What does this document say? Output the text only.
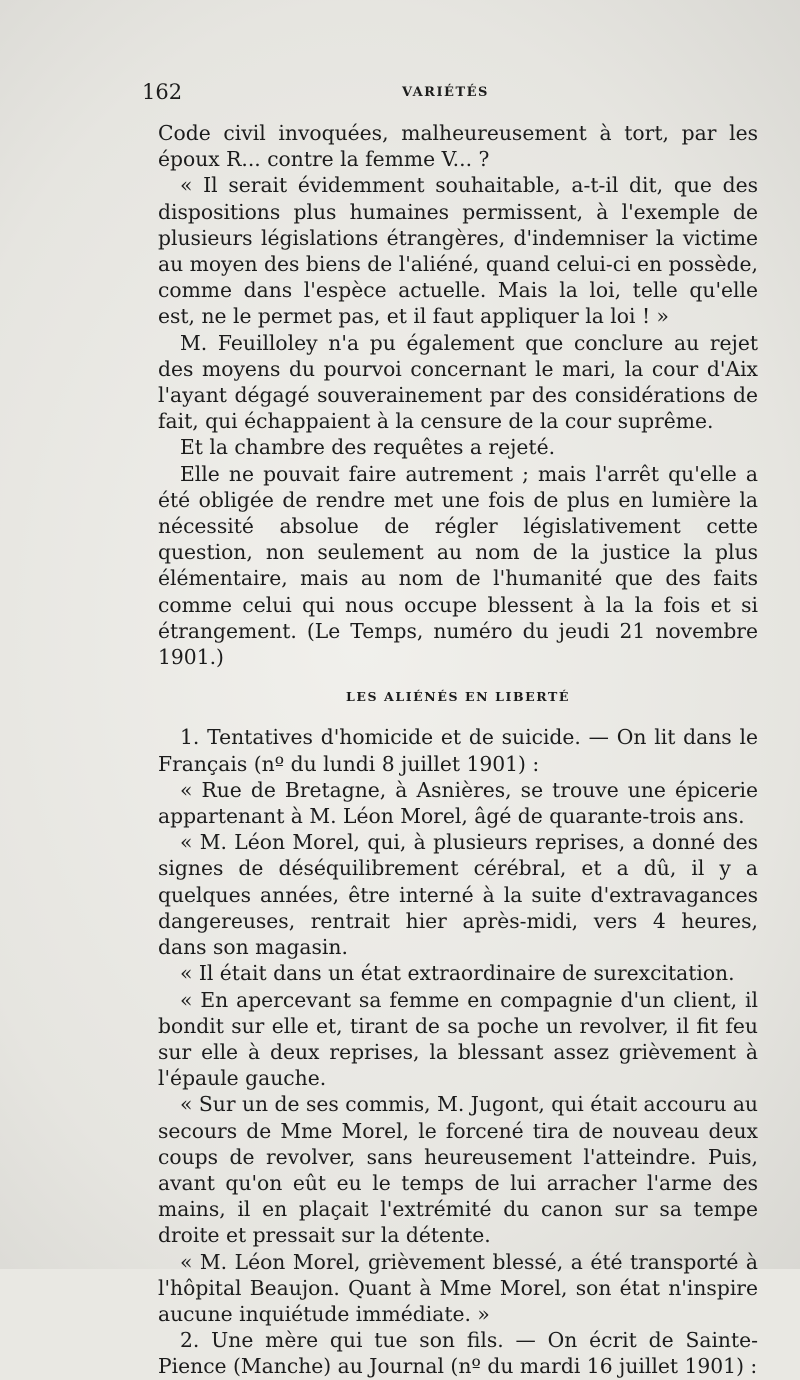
162	VARIÉTÉS

Code civil invoquées, malheureusement à tort, par les époux R... contre la femme V... ?

« Il serait évidemment souhaitable, a-t-il dit, que des dispositions plus humaines permissent, à l'exemple de plusieurs législations étrangères, d'indemniser la victime au moyen des biens de l'aliéné, quand celui-ci en possède, comme dans l'espèce actuelle. Mais la loi, telle qu'elle est, ne le permet pas, et il faut appliquer la loi ! »

M. Feuilloley n'a pu également que conclure au rejet des moyens du pourvoi concernant le mari, la cour d'Aix l'ayant dégagé souverainement par des considérations de fait, qui échappaient à la censure de la cour suprême.

Et la chambre des requêtes a rejeté.

Elle ne pouvait faire autrement ; mais l'arrêt qu'elle a été obligée de rendre met une fois de plus en lumière la nécessité absolue de régler législativement cette question, non seulement au nom de la justice la plus élémentaire, mais au nom de l'humanité que des faits comme celui qui nous occupe blessent à la la fois et si étrangement. (Le Temps, numéro du jeudi 21 novembre 1901.)

LES ALIÉNÉS EN LIBERTÉ

1. Tentatives d'homicide et de suicide. — On lit dans le Français (nº du lundi 8 juillet 1901) :

« Rue de Bretagne, à Asnières, se trouve une épicerie appartenant à M. Léon Morel, âgé de quarante-trois ans.

« M. Léon Morel, qui, à plusieurs reprises, a donné des signes de déséquilibrement cérébral, et a dû, il y a quelques années, être interné à la suite d'extravagances dangereuses, rentrait hier après-midi, vers 4 heures, dans son magasin.

« Il était dans un état extraordinaire de surexcitation.

« En apercevant sa femme en compagnie d'un client, il bondit sur elle et, tirant de sa poche un revolver, il fit feu sur elle à deux reprises, la blessant assez grièvement à l'épaule gauche.

« Sur un de ses commis, M. Jugont, qui était accouru au secours de Mme Morel, le forcené tira de nouveau deux coups de revolver, sans heureusement l'atteindre. Puis, avant qu'on eût eu le temps de lui arracher l'arme des mains, il en plaçait l'extrémité du canon sur sa tempe droite et pressait sur la détente.

« M. Léon Morel, grièvement blessé, a été transporté à l'hôpital Beaujon. Quant à Mme Morel, son état n'inspire aucune inquiétude immédiate. »

2. Une mère qui tue son fils. — On écrit de Sainte-Pience (Manche) au Journal (nº du mardi 16 juillet 1901) :
